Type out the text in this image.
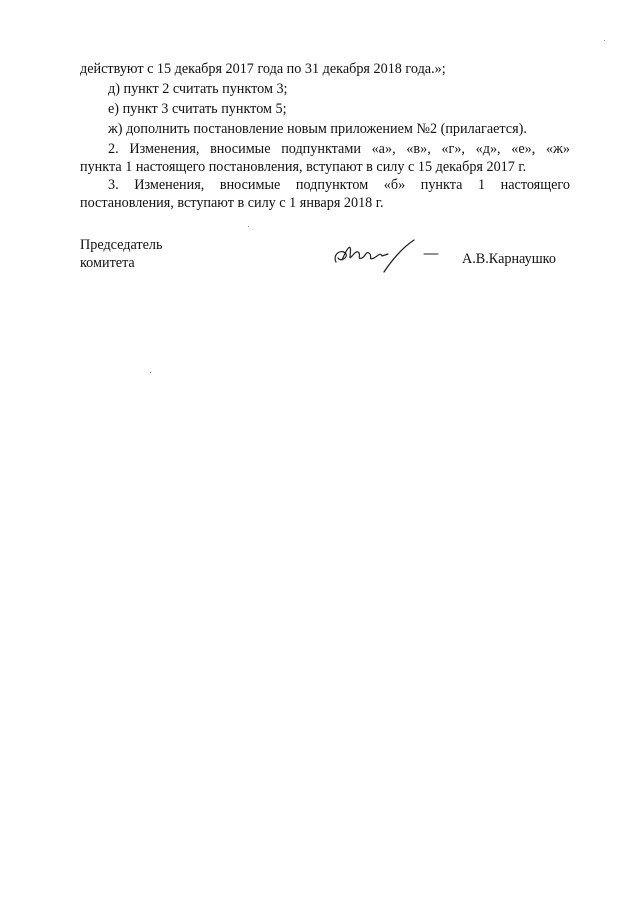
действуют с 15 декабря 2017 года по 31 декабря 2018 года.»;
д) пункт 2 считать пунктом 3;
е) пункт 3 считать пунктом 5;
ж) дополнить постановление новым приложением №2 (прилагается).
2. Изменения, вносимые подпунктами «а», «в», «г», «д», «е», «ж»
пункта 1 настоящего постановления, вступают в силу с 15 декабря 2017 г.
3. Изменения, вносимые подпунктом «б» пункта 1 настоящего
постановления, вступают в силу с 1 января 2018 г.
Председатель
комитета	А.В.Карнаушко
